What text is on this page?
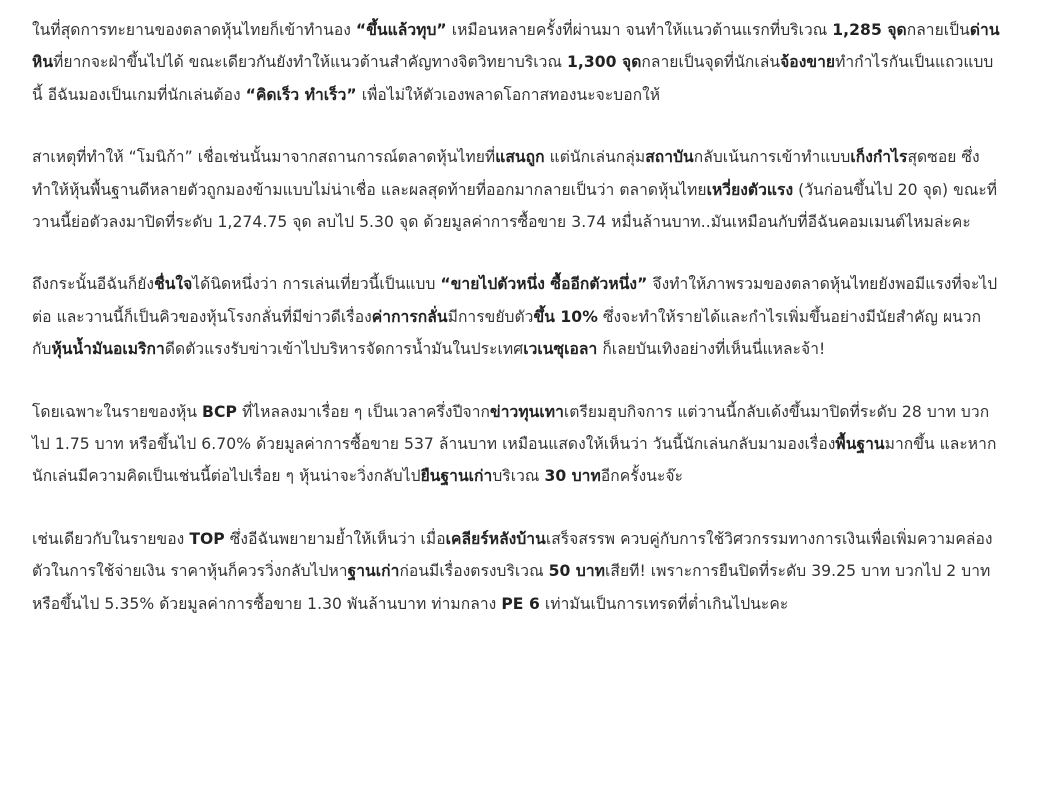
ในที่สุดการทะยานของตลาดหุ้นไทยก็เข้าทำนอง “ขึ้นแล้วทุบ” เหมือนหลายครั้งที่ผ่านมา จนทำให้แนวต้านแรกที่บริเวณ 1,285 จุดกลายเป็นด่านหินที่ยากจะฝ่าขึ้นไปได้ ขณะเดียวกันยังทำให้แนวต้านสำคัญทางจิตวิทยาบริเวณ 1,300 จุดกลายเป็นจุดที่นักเล่นจ้องขายทำกำไรกันเป็นแถวแบบนี้ อีฉันมองเป็นเกมที่นักเล่นต้อง “คิดเร็ว ทำเร็ว” เพื่อไม่ให้ตัวเองพลาดโอกาสทองนะจะบอกให้

สาเหตุที่ทำให้ “โมนิก้า” เชื่อเช่นนั้นมาจากสถานการณ์ตลาดหุ้นไทยที่แสนถูก แต่นักเล่นกลุ่มสถาบันกลับเน้นการเข้าทำแบบเก็งกำไรสุดซอย ซึ่งทำให้หุ้นพื้นฐานดีหลายตัวถูกมองข้ามแบบไม่น่าเชื่อ และผลสุดท้ายที่ออกมากลายเป็นว่า ตลาดหุ้นไทยเหวี่ยงตัวแรง (วันก่อนขึ้นไป 20 จุด) ขณะที่วานนี้ย่อตัวลงมาปิดที่ระดับ 1,274.75 จุด ลบไป 5.30 จุด ด้วยมูลค่าการซื้อขาย 3.74 หมื่นล้านบาท..มันเหมือนกับที่อีฉันคอมเมนต์ไหมล่ะคะ

ถึงกระนั้นอีฉันก็ยังชื่นใจได้นิดหนึ่งว่า การเล่นเที่ยวนี้เป็นแบบ “ขายไปตัวหนึ่ง ซื้ออีกตัวหนึ่ง” จึงทำให้ภาพรวมของตลาดหุ้นไทยยังพอมีแรงที่จะไปต่อ และวานนี้ก็เป็นคิวของหุ้นโรงกลั่นที่มีข่าวดีเรื่องค่าการกลั่นมีการขยับตัวขึ้น 10% ซึ่งจะทำให้รายได้และกำไรเพิ่มขึ้นอย่างมีนัยสำคัญ ผนวกกับหุ้นน้ำมันอเมริกาดีดตัวแรงรับข่าวเข้าไปบริหารจัดการน้ำมันในประเทศเวเนซุเอลา ก็เลยบันเทิงอย่างที่เห็นนี่แหละจ้า!

โดยเฉพาะในรายของหุ้น BCP ที่ไหลลงมาเรื่อย ๆ เป็นเวลาครึ่งปีจากข่าวทุนเทาเตรียมฮุบกิจการ แต่วานนี้กลับเด้งขึ้นมาปิดที่ระดับ 28 บาท บวกไป 1.75 บาท หรือขึ้นไป 6.70% ด้วยมูลค่าการซื้อขาย 537 ล้านบาท เหมือนแสดงให้เห็นว่า วันนี้นักเล่นกลับมามองเรื่องพื้นฐานมากขึ้น และหากนักเล่นมีความคิดเป็นเช่นนี้ต่อไปเรื่อย ๆ หุ้นน่าจะวิ่งกลับไปยืนฐานเก่าบริเวณ 30 บาทอีกครั้งนะจ๊ะ

เช่นเดียวกับในรายของ TOP ซึ่งอีฉันพยายามย้ำให้เห็นว่า เมื่อเคลียร์หลังบ้านเสร็จสรรพ ควบคู่กับการใช้วิศวกรรมทางการเงินเพื่อเพิ่มความคล่องตัวในการใช้จ่ายเงิน ราคาหุ้นก็ควรวิ่งกลับไปหาฐานเก่าก่อนมีเรื่องตรงบริเวณ 50 บาทเสียที! เพราะการยืนปิดที่ระดับ 39.25 บาท บวกไป 2 บาท หรือขึ้นไป 5.35% ด้วยมูลค่าการซื้อขาย 1.30 พันล้านบาท ท่ามกลาง PE 6 เท่ามันเป็นการเทรดที่ต่ำเกินไปนะคะ
